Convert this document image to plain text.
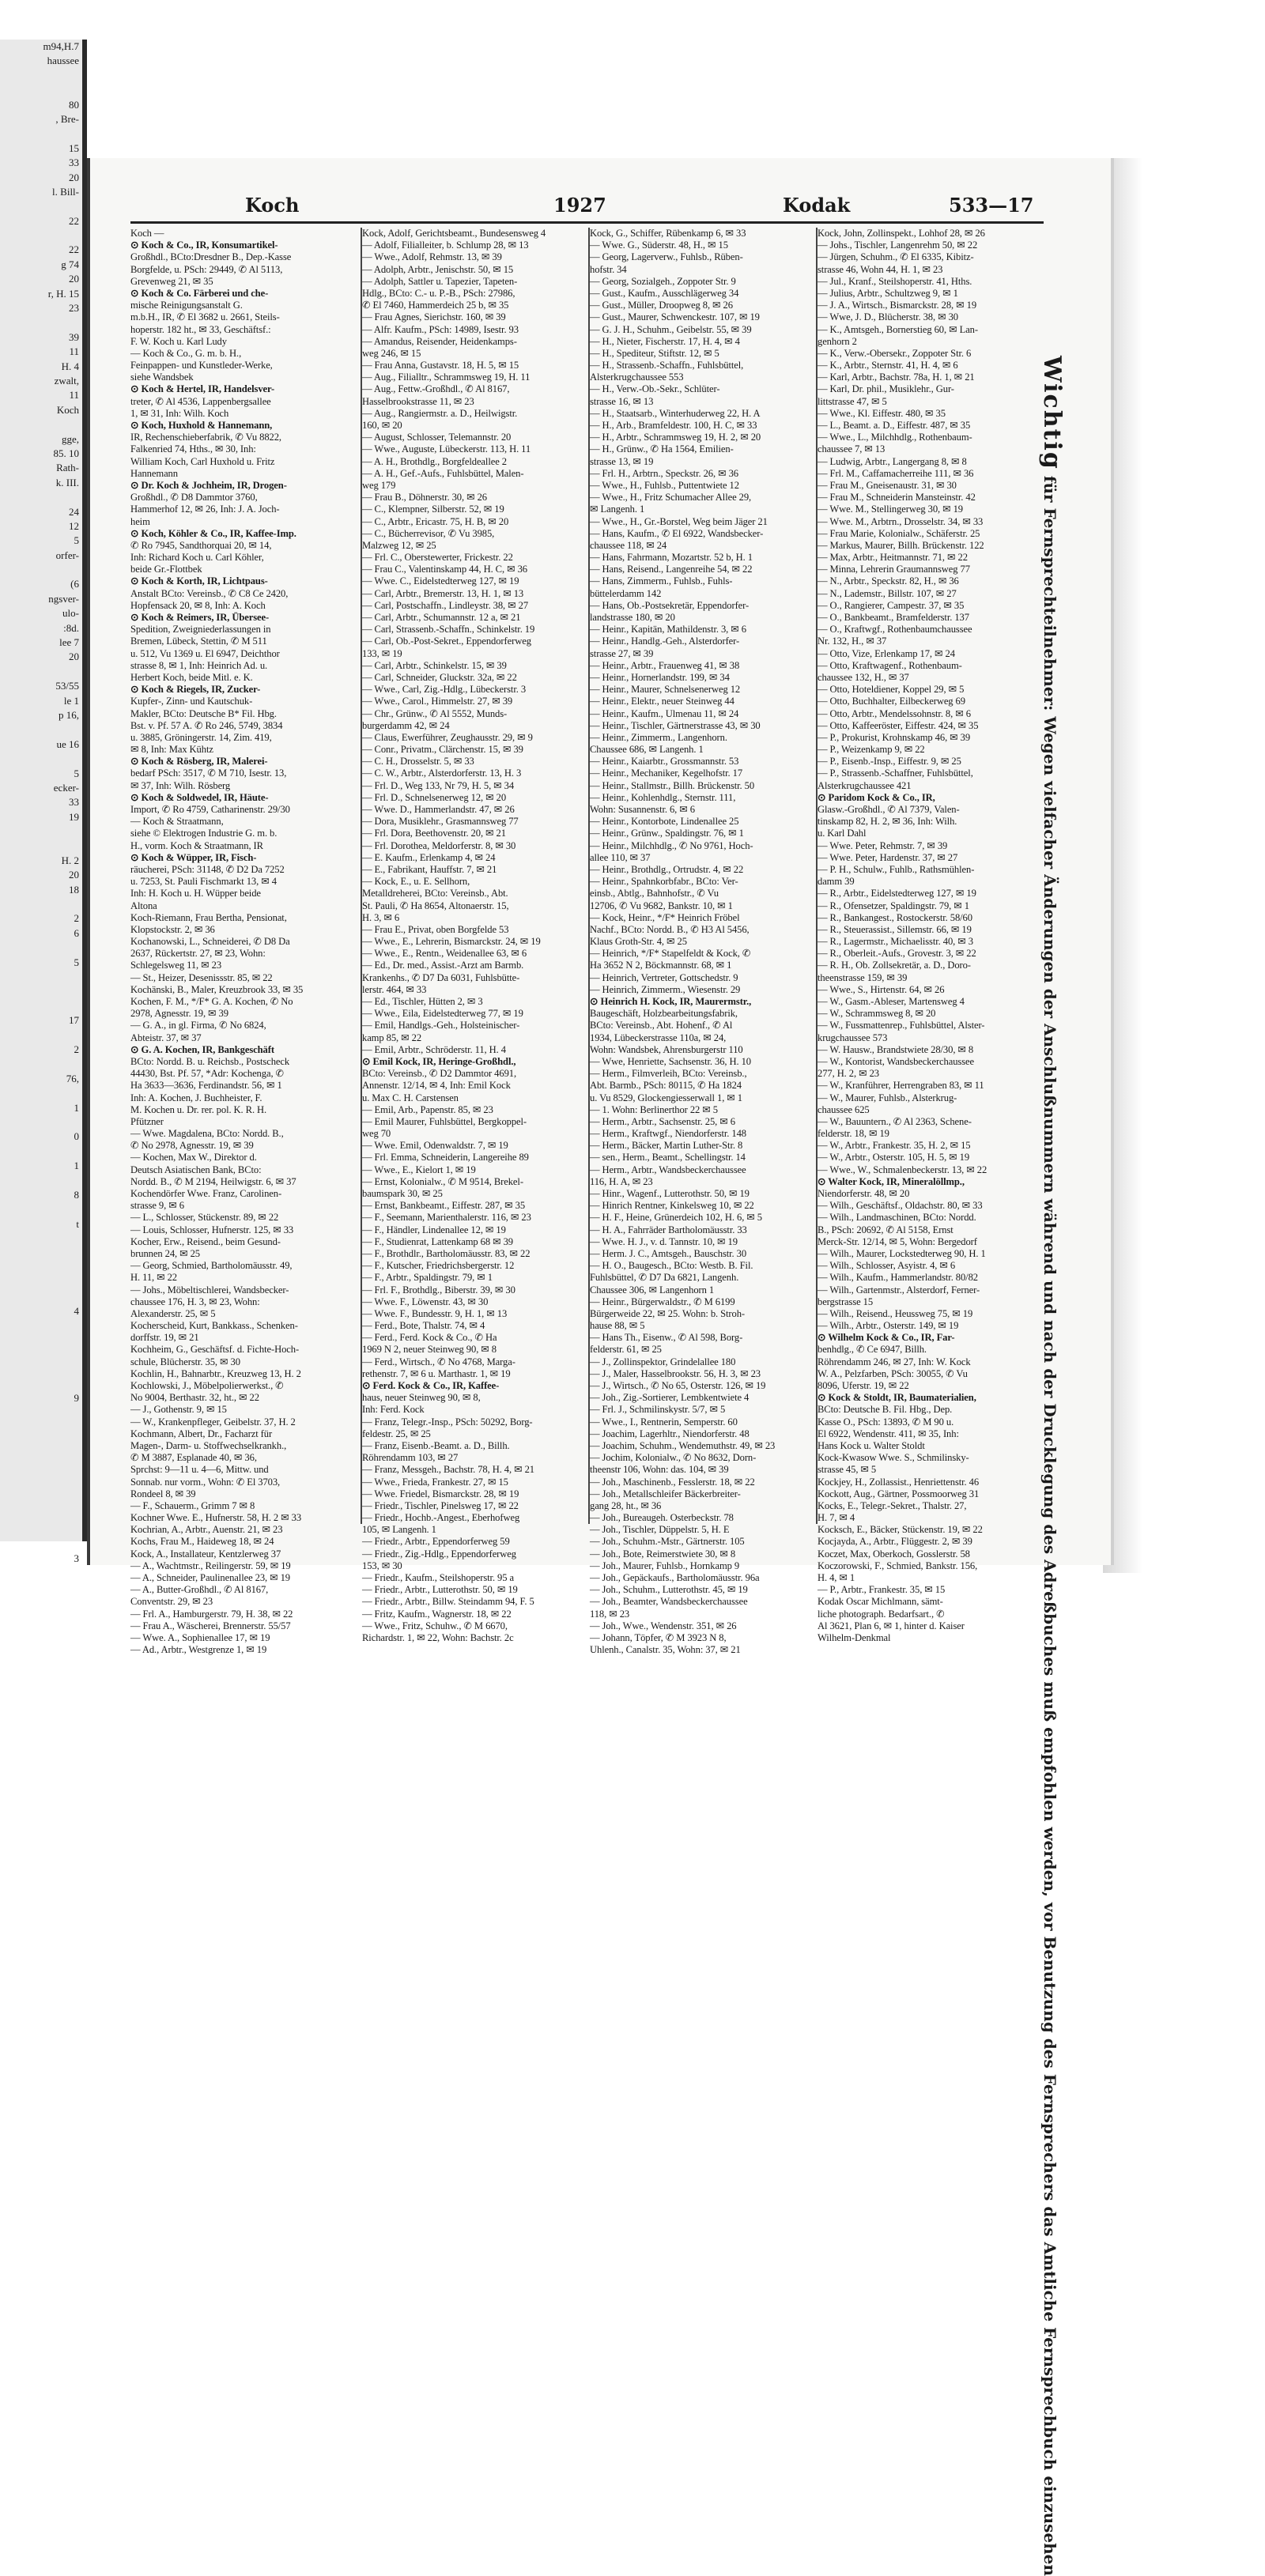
m94,H.7
haussee
80
, Bre-
15
33
20
l. Bill-
22
22
g 74
20
r, H. 15
23
39
11
H. 4
zwalt,
11
Koch
gge,
85. 10
Rath-
k. III.
24
12
5
orfer-
(6
ngsver-
ulo-
:8d.
lee 7
20
53/55
le 1
p 16,
ue 16
5
ecker-
33
19
H. 2
20
18
2
6
5
17
2
76,
1
0
1
8
t
4
9
3
Koch	1927	Kodak	533—17
Koch —
⊙ Koch & Co., IR, Konsumartikel-
Großhdl., BCto:Dresdner B., Dep.-Kasse
Borgfelde, u. PSch: 29449, ✆ Al 5113,
Grevenweg 21, ✉ 35
⊙ Koch & Co. Färberei und che-
mische Reinigungsanstalt G.
m.b.H., IR, ✆ El 3682 u. 2661, Steils-
hoperstr. 182 ht., ✉ 33, Geschäftsf.:
F. W. Koch u. Karl Ludy
— Koch & Co., G. m. b. H.,
Feinpappen- und Kunstleder-Werke,
siehe Wandsbek
⊙ Koch & Hertel, IR, Handelsver-
treter, ✆ Al 4536, Lappenbergsallee
1, ✉ 31, Inh: Wilh. Koch
⊙ Koch, Huxhold & Hannemann,
IR, Rechenschieberfabrik, ✆ Vu 8822,
Falkenried 74, Hths., ✉ 30, Inh:
William Koch, Carl Huxhold u. Fritz
Hannemann
⊙ Dr. Koch & Jochheim, IR, Drogen-
Großhdl., ✆ D8 Dammtor 3760,
Hammerhof 12, ✉ 26, Inh: J. A. Joch-
heim
⊙ Koch, Köhler & Co., IR, Kaffee-Imp.
✆ Ro 7945, Sandthorquai 20, ✉ 14,
Inh: Richard Koch u. Carl Köhler,
beide Gr.-Flottbek
⊙ Koch & Korth, IR, Lichtpaus-
Anstalt BCto: Vereinsb., ✆ C8 Ce 2420,
Hopfensack 20, ✉ 8, Inh: A. Koch
⊙ Koch & Reimers, IR, Übersee-
Spedition, Zweigniederlassungen in
Bremen, Lübeck, Stettin, ✆ M 511
u. 512, Vu 1369 u. El 6947, Deichthor
strasse 8, ✉ 1, Inh: Heinrich Ad. u.
Herbert Koch, beide Mitl. e. K.
⊙ Koch & Riegels, IR, Zucker-
Kupfer-, Zinn- und Kautschuk-
Makler, BCto: Deutsche B* Fil. Hbg.
Bst. v. Pf. 57 A. ✆ Ro 246, 5749, 3834
u. 3885, Gröningerstr. 14, Zim. 419,
✉ 8, Inh: Max Kühtz
⊙ Koch & Rösberg, IR, Malerei-
bedarf PSch: 3517, ✆ M 710, Isestr. 13,
✉ 37, Inh: Wilh. Rösberg
⊙ Koch & Soldwedel, IR, Häute-
Import, ✆ Ro 4759, Catharinenstr. 29/30
— Koch & Straatmann,
siehe © Elektrogen Industrie G. m. b.
H., vorm. Koch & Straatmann, IR
⊙ Koch & Wüpper, IR, Fisch-
räucherei, PSch: 31148, ✆ D2 Da 7252
u. 7253, St. Pauli Fischmarkt 13, ✉ 4
Inh: H. Koch u. H. Wüpper beide
Altona
Koch-Riemann, Frau Bertha, Pensionat,
Klopstockstr. 2, ✉ 36
Kochanowski, L., Schneiderei, ✆ D8 Da
2637, Rückertstr. 27, ✉ 23, Wohn:
Schlegelsweg 11, ✉ 23
— St., Heizer, Desenissstr. 85, ✉ 22
Kochänski, B., Maler, Kreuzbrook 33, ✉ 35
Kochen, F. M., */F* G. A. Kochen, ✆ No
2978, Agnesstr. 19, ✉ 39
— G. A., in gl. Firma, ✆ No 6824,
Abteistr. 37, ✉ 37
⊙ G. A. Kochen, IR, Bankgeschäft
BCto: Nordd. B. u. Reichsb., Postscheck
44430, Bst. Pf. 57, *Adr: Kochenga, ✆
Ha 3633—3636, Ferdinandstr. 56, ✉ 1
Inh: A. Kochen, J. Buchheister, F.
M. Kochen u. Dr. rer. pol. K. R. H.
Pfützner
— Wwe. Magdalena, BCto: Nordd. B.,
✆ No 2978, Agnesstr. 19, ✉ 39
— Kochen, Max W., Direktor d.
Deutsch Asiatischen Bank, BCto:
Nordd. B., ✆ M 2194, Heilwigstr. 6, ✉ 37
Kochendörfer Wwe. Franz, Carolinen-
strasse 9, ✉ 6
— L., Schlosser, Stückenstr. 89, ✉ 22
— Louis, Schlosser, Hufnerstr. 125, ✉ 33
Kocher, Erw., Reisend., beim Gesund-
brunnen 24, ✉ 25
— Georg, Schmied, Bartholomäusstr. 49,
H. 11, ✉ 22
— Johs., Möbeltischlerei, Wandsbecker-
chaussee 176, H. 3, ✉ 23, Wohn:
Alexanderstr. 25, ✉ 5
Kocherscheid, Kurt, Bankkass., Schenken-
dorffstr. 19, ✉ 21
Kochheim, G., Geschäftsf. d. Fichte-Hoch-
schule, Blücherstr. 35, ✉ 30
Kochlin, H., Bahnarbtr., Kreuzweg 13, H. 2
Kochlowski, J., Möbelpolierwerkst., ✆
No 9004, Berthastr. 32, ht., ✉ 22
— J., Gothenstr. 9, ✉ 15
— W., Krankenpfleger, Geibelstr. 37, H. 2
Kochmann, Albert, Dr., Facharzt für
Magen-, Darm- u. Stoffwechselkrankh.,
✆ M 3887, Esplanade 40, ✉ 36,
Sprchst: 9—11 u. 4—6, Mittw. und
Sonnab. nur vorm., Wohn: ✆ El 3703,
Rondeel 8, ✉ 39
— F., Schauerm., Grimm 7 ✉ 8
Kochner Wwe. E., Hufnerstr. 58, H. 2 ✉ 33
Kochrian, A., Arbtr., Auenstr. 21, ✉ 23
Kochs, Frau M., Haideweg 18, ✉ 24
Kock, A., Installateur, Kentzlerweg 37
— A., Wachtmstr., Reilingerstr. 59, ✉ 19
— A., Schneider, Paulinenallee 23, ✉ 19
— A., Butter-Großhdl., ✆ Al 8167,
Conventstr. 29, ✉ 23
— Frl. A., Hamburgerstr. 79, H. 38, ✉ 22
— Frau A., Wäscherei, Brennerstr. 55/57
— Wwe. A., Sophienallee 17, ✉ 19
— Ad., Arbtr., Westgrenze 1, ✉ 19
Kock, Adolf, Gerichtsbeamt., Bundesensweg 4
— Adolf, Filialleiter, b. Schlump 28, ✉ 13
— Wwe., Adolf, Rehmstr. 13, ✉ 39
— Adolph, Arbtr., Jenischstr. 50, ✉ 15
— Adolph, Sattler u. Tapezier, Tapeten-
Hdlg., BCto: C.- u. P.-B., PSch: 27986,
✆ El 7460, Hammerdeich 25 b, ✉ 35
— Frau Agnes, Sierichstr. 160, ✉ 39
— Alfr. Kaufm., PSch: 14989, Isestr. 93
— Amandus, Reisender, Heidenkamps-
weg 246, ✉ 15
— Frau Anna, Gustavstr. 18, H. 5, ✉ 15
— Aug., Filialltr., Schrammsweg 19, H. 11
— Aug., Fettw.-Großhdl., ✆ Al 8167,
Hasselbrookstrasse 11, ✉ 23
— Aug., Rangiermstr. a. D., Heilwigstr.
160, ✉ 20
— August, Schlosser, Telemannstr. 20
— Wwe., Auguste, Lübeckerstr. 113, H. 11
— A. H., Brothdlg., Borgfeldeallee 2
— A. H., Gef.-Aufs., Fuhlsbüttel, Malen-
weg 179
— Frau B., Döhnerstr. 30, ✉ 26
— C., Klempner, Silberstr. 52, ✉ 19
— C., Arbtr., Ericastr. 75, H. B, ✉ 20
— C., Bücherrevisor, ✆ Vu 3985,
Malzweg 12, ✉ 25
— Frl. C., Oberstewerter, Frickestr. 22
— Frau C., Valentinskamp 44, H. C, ✉ 36
— Wwe. C., Eidelstedterweg 127, ✉ 19
— Carl, Arbtr., Bremerstr. 13, H. 1, ✉ 13
— Carl, Postschaffn., Lindleystr. 38, ✉ 27
— Carl, Arbtr., Schumannstr. 12 a, ✉ 21
— Carl, Strassenb.-Schaffn., Schinkelstr. 19
— Carl, Ob.-Post-Sekret., Eppendorferweg
133, ✉ 19
— Carl, Arbtr., Schinkelstr. 15, ✉ 39
— Carl, Schneider, Gluckstr. 32a, ✉ 22
— Wwe., Carl, Zig.-Hdlg., Lübeckerstr. 3
— Wwe., Carol., Himmelstr. 27, ✉ 39
— Chr., Grünw., ✆ Al 5552, Munds-
burgerdamm 42, ✉ 24
— Claus, Ewerführer, Zeughausstr. 29, ✉ 9
— Conr., Privatm., Clärchenstr. 15, ✉ 39
— C. H., Drosselstr. 5, ✉ 33
— C. W., Arbtr., Alsterdorferstr. 13, H. 3
— Frl. D., Weg 133, Nr 79, H. 5, ✉ 34
— Frl. D., Schnelsenerweg 12, ✉ 20
— Wwe. D., Hammerlandstr. 47, ✉ 26
— Dora, Musiklehr., Grasmannsweg 77
— Frl. Dora, Beethovenstr. 20, ✉ 21
— Frl. Dorothea, Meldorferstr. 8, ✉ 30
— E. Kaufm., Erlenkamp 4, ✉ 24
— E., Fabrikant, Hauffstr. 7, ✉ 21
— Kock, E., u. E. Sellhorn,
Metalldreherei, BCto: Vereinsb., Abt.
St. Pauli, ✆ Ha 8654, Altonaerstr. 15,
H. 3, ✉ 6
— Frau E., Privat, oben Borgfelde 53
— Wwe., E., Lehrerin, Bismarckstr. 24, ✉ 19
— Wwe., E., Rentn., Weidenallee 63, ✉ 6
— Ed., Dr. med., Assist.-Arzt am Barmb.
Krankenhs., ✆ D7 Da 6031, Fuhlsbütte-
lerstr. 464, ✉ 33
— Ed., Tischler, Hütten 2, ✉ 3
— Wwe., Eila, Eidelstedterweg 77, ✉ 19
— Emil, Handlgs.-Geh., Holsteinischer-
kamp 85, ✉ 22
— Emil, Arbtr., Schröderstr. 11, H. 4
⊙ Emil Kock, IR, Heringe-Großhdl.,
BCto: Vereinsb., ✆ D2 Dammtor 4691,
Annenstr. 12/14, ✉ 4, Inh: Emil Kock
u. Max C. H. Carstensen
— Emil, Arb., Papenstr. 85, ✉ 23
— Emil Maurer, Fuhlsbüttel, Bergkoppel-
weg 70
— Wwe. Emil, Odenwaldstr. 7, ✉ 19
— Frl. Emma, Schneiderin, Langereihe 89
— Wwe., E., Kielort 1, ✉ 19
— Ernst, Kolonialw., ✆ M 9514, Brekel-
baumspark 30, ✉ 25
— Ernst, Bankbeamt., Eiffestr. 287, ✉ 35
— F., Seemann, Marienthalerstr. 116, ✉ 23
— F., Händler, Lindenallee 12, ✉ 19
— F., Studienrat, Lattenkamp 68 ✉ 39
— F., Brothdlr., Bartholomäusstr. 83, ✉ 22
— F., Kutscher, Friedrichsbergerstr. 12
— F., Arbtr., Spaldingstr. 79, ✉ 1
— Frl. F., Brothdlg., Biberstr. 39, ✉ 30
— Wwe. F., Löwenstr. 43, ✉ 30
— Wwe. F., Bundesstr. 9, H. 1, ✉ 13
— Ferd., Bote, Thalstr. 74, ✉ 4
— Ferd., Ferd. Kock & Co., ✆ Ha
1969 N 2, neuer Steinweg 90, ✉ 8
— Ferd., Wirtsch., ✆ No 4768, Marga-
rethenstr. 7, ✉ 6 u. Marthastr. 1, ✉ 19
⊙ Ferd. Kock & Co., IR, Kaffee-
haus, neuer Steinweg 90, ✉ 8,
Inh: Ferd. Kock
— Franz, Telegr.-Insp., PSch: 50292, Borg-
feldestr. 25, ✉ 25
— Franz, Eisenb.-Beamt. a. D., Billh.
Röhrendamm 103, ✉ 27
— Franz, Messgeh., Bachstr. 78, H. 4, ✉ 21
— Wwe., Frieda, Frankestr. 27, ✉ 15
— Wwe. Friedel, Bismarckstr. 28, ✉ 19
— Friedr., Tischler, Pinelsweg 17, ✉ 22
— Friedr., Hochb.-Angest., Eberhofweg
105, ✉ Langenh. 1
— Friedr., Arbtr., Eppendorferweg 59
— Friedr., Zig.-Hdlg., Eppendorferweg
153, ✉ 30
— Friedr., Kaufm., Steilshoperstr. 95 a
— Friedr., Arbtr., Lutterothstr. 50, ✉ 19
— Friedr., Arbtr., Billw. Steindamm 94, F. 5
— Fritz, Kaufm., Wagnerstr. 18, ✉ 22
— Wwe., Fritz, Schuhw., ✆ M 6670,
Richardstr. 1, ✉ 22, Wohn: Bachstr. 2c
Kock, G., Schiffer, Rübenkamp 6, ✉ 33
— Wwe. G., Süderstr. 48, H., ✉ 15
— Georg, Lagerverw., Fuhlsb., Rüben-
hofstr. 34
— Georg, Sozialgeh., Zoppoter Str. 9
— Gust., Kaufm., Ausschlägerweg 34
— Gust., Müller, Droopweg 8, ✉ 26
— Gust., Maurer, Schwenckestr. 107, ✉ 19
— G. J. H., Schuhm., Geibelstr. 55, ✉ 39
— H., Nieter, Fischerstr. 17, H. 4, ✉ 4
— H., Spediteur, Stiftstr. 12, ✉ 5
— H., Strassenb.-Schaffn., Fuhlsbüttel,
Alsterkrugchaussee 553
— H., Verw.-Ob.-Sekr., Schlüter-
strasse 16, ✉ 13
— H., Staatsarb., Winterhuderweg 22, H. A
— H., Arb., Bramfeldestr. 100, H. C, ✉ 33
— H., Arbtr., Schrammsweg 19, H. 2, ✉ 20
— H., Grünw., ✆ Ha 1564, Emilien-
strasse 13, ✉ 19
— Frl. H., Arbtrn., Speckstr. 26, ✉ 36
— Wwe., H., Fuhlsb., Puttentwiete 12
— Wwe., H., Fritz Schumacher Allee 29,
✉ Langenh. 1
— Wwe., H., Gr.-Borstel, Weg beim Jäger 21
— Hans, Kaufm., ✆ El 6922, Wandsbecker-
chaussee 118, ✉ 24
— Hans, Fahrmann, Mozartstr. 52 b, H. 1
— Hans, Reisend., Langenreihe 54, ✉ 22
— Hans, Zimmerm., Fuhlsb., Fuhls-
büttelerdamm 142
— Hans, Ob.-Postsekretär, Eppendorfer-
landstrasse 180, ✉ 20
— Heinr., Kapitän, Mathildenstr. 3, ✉ 6
— Heinr., Handlg.-Geh., Alsterdorfer-
strasse 27, ✉ 39
— Heinr., Arbtr., Frauenweg 41, ✉ 38
— Heinr., Hornerlandstr. 199, ✉ 34
— Heinr., Maurer, Schnelsenerweg 12
— Heinr., Elektr., neuer Steinweg 44
— Heinr., Kaufm., Ulmenau 11, ✉ 24
— Heinr., Tischler, Gärtnerstrasse 43, ✉ 30
— Heinr., Zimmerm., Langenhorn.
Chaussee 686, ✉ Langenh. 1
— Heinr., Kaiarbtr., Grossmannstr. 53
— Heinr., Mechaniker, Kegelhofstr. 17
— Heinr., Stallmstr., Billh. Brückenstr. 50
— Heinr., Kohlenhdlg., Sternstr. 111,
Wohn: Susannenstr. 6, ✉ 6
— Heinr., Kontorbote, Lindenallee 25
— Heinr., Grünw., Spaldingstr. 76, ✉ 1
— Heinr., Milchhdlg., ✆ No 9761, Hoch-
allee 110, ✉ 37
— Heinr., Brothdlg., Ortrudstr. 4, ✉ 22
— Heinr., Spahnkorbfabr., BCto: Ver-
einsb., Abtlg., Bahnhofstr., ✆ Vu
12706, ✆ Vu 9682, Bankstr. 10, ✉ 1
— Kock, Heinr., */F* Heinrich Fröbel
Nachf., BCto: Nordd. B., ✆ H3 Al 5456,
Klaus Groth-Str. 4, ✉ 25
— Heinrich, */F* Stapelfeldt & Kock, ✆
Ha 3652 N 2, Böckmannstr. 68, ✉ 1
— Heinrich, Vertreter, Gottschedstr. 9
— Heinrich, Zimmerm., Wiesenstr. 29
⊙ Heinrich H. Kock, IR, Maurermstr.,
Baugeschäft, Holzbearbeitungsfabrik,
BCto: Vereinsb., Abt. Hohenf., ✆ Al
1934, Lübeckerstrasse 110a, ✉ 24,
Wohn: Wandsbek, Ahrensburgerstr 110
— Wwe, Henriette, Sachsenstr. 36, H. 10
— Herm., Filmverleih, BCto: Vereinsb.,
Abt. Barmb., PSch: 80115, ✆ Ha 1824
u. Vu 8529, Glockengiesserwall 1, ✉ 1
— 1. Wohn: Berlinerthor 22 ✉ 5
— Herm., Arbtr., Sachsenstr. 25, ✉ 6
— Herm., Kraftwgf., Niendorferstr. 148
— Herm., Bäcker, Martin Luther-Str. 8
— sen., Herm., Beamt., Schellingstr. 14
— Herm., Arbtr., Wandsbeckerchaussee
116, H. A, ✉ 23
— Hinr., Wagenf., Lutterothstr. 50, ✉ 19
— Hinrich Rentner, Kinkelsweg 10, ✉ 22
— H. F., Heine, Grünerdeich 102, H. 6, ✉ 5
— H. A., Fahrräder Bartholomäusstr. 33
— Wwe. H. J., v. d. Tannstr. 10, ✉ 19
— Herm. J. C., Amtsgeh., Bauschstr. 30
— H. O., Baugesch., BCto: Westb. B. Fil.
Fuhlsbüttel, ✆ D7 Da 6821, Langenh.
Chaussee 306, ✉ Langenhorn 1
— Heinr., Bürgerwaldstr., ✆ M 6199
Bürgerweide 22, ✉ 25. Wohn: b. Stroh-
hause 88, ✉ 5
— Hans Th., Eisenw., ✆ Al 598, Borg-
felderstr. 61, ✉ 25
— J., Zollinspektor, Grindelallee 180
— J., Maler, Hasselbrookstr. 56, H. 3, ✉ 23
— J., Wirtsch., ✆ No 65, Osterstr. 126, ✉ 19
— Joh., Zig.-Sortierer, Lembkentwiete 4
— Frl. J., Schmilinskystr. 5/7, ✉ 5
— Wwe., I., Rentnerin, Semperstr. 60
— Joachim, Lagerhltr., Niendorferstr. 48
— Joachim, Schuhm., Wendemuthstr. 49, ✉ 23
— Jochim, Kolonialw., ✆ No 8632, Dorn-
theenstr 106, Wohn: das. 104, ✉ 39
— Joh., Maschinenb., Fesslerstr. 18, ✉ 22
— Joh., Metallschleifer Bäckerbreiter-
gang 28, ht., ✉ 36
— Joh., Bureaugeh. Osterbeckstr. 78
— Joh., Tischler, Düppelstr. 5, H. E
— Joh., Schuhm.-Mstr., Gärtnerstr. 105
— Joh., Bote, Reimerstwiete 30, ✉ 8
— Joh., Maurer, Fuhlsb., Hornkamp 9
— Joh., Gepäckaufs., Bartholomäusstr. 96a
— Joh., Schuhm., Lutterothstr. 45, ✉ 19
— Joh., Beamter, Wandsbeckerchaussee
118, ✉ 23
— Joh., Wwe., Wendenstr. 351, ✉ 26
— Johann, Töpfer, ✆ M 3923 N 8,
Uhlenh., Canalstr. 35, Wohn: 37, ✉ 21
Kock, John, Zollinspekt., Lohhof 28, ✉ 26
— Johs., Tischler, Langenrehm 50, ✉ 22
— Jürgen, Schuhm., ✆ El 6335, Kibitz-
strasse 46, Wohn 44, H. 1, ✉ 23
— Jul., Kranf., Steilshoperstr. 41, Hths.
— Julius, Arbtr., Schultzweg 9, ✉ 1
— J. A., Wirtsch., Bismarckstr. 28, ✉ 19
— Wwe, J. D., Blücherstr. 38, ✉ 30
— K., Amtsgeh., Bornerstieg 60, ✉ Lan-
genhorn 2
— K., Verw.-Obersekr., Zoppoter Str. 6
— K., Arbtr., Sternstr. 41, H. 4, ✉ 6
— Karl, Arbtr., Bachstr. 78a, H. 1, ✉ 21
— Karl, Dr. phil., Musiklehr., Gur-
littstrasse 47, ✉ 5
— Wwe., Kl. Eiffestr. 480, ✉ 35
— L., Beamt. a. D., Eiffestr. 487, ✉ 35
— Wwe., L., Milchhdlg., Rothenbaum-
chaussee 7, ✉ 13
— Ludwig, Arbtr., Langergang 8, ✉ 8
— Frl. M., Caffamacherreihe 111, ✉ 36
— Frau M., Gneisenaustr. 31, ✉ 30
— Frau M., Schneiderin Mansteinstr. 42
— Wwe. M., Stellingerweg 30, ✉ 19
— Wwe. M., Arbtrn., Drosselstr. 34, ✉ 33
— Frau Marie, Kolonialw., Schäferstr. 25
— Markus, Maurer, Billh. Brückenstr. 122
— Max, Arbtr., Heitmannstr. 71, ✉ 22
— Minna, Lehrerin Graumannsweg 77
— N., Arbtr., Speckstr. 82, H., ✉ 36
— N., Lademstr., Billstr. 107, ✉ 27
— O., Rangierer, Campestr. 37, ✉ 35
— O., Bankbeamt., Bramfelderstr. 137
— O., Kraftwgf., Rothenbaumchaussee
Nr. 132, H., ✉ 37
— Otto, Vize, Erlenkamp 17, ✉ 24
— Otto, Kraftwagenf., Rothenbaum-
chaussee 132, H., ✉ 37
— Otto, Hoteldiener, Koppel 29, ✉ 5
— Otto, Buchhalter, Eilbeckerweg 69
— Otto, Arbtr., Mendelssohnstr. 8, ✉ 6
— Otto, Kaffeeröster, Eiffestr. 424, ✉ 35
— P., Prokurist, Krohnskamp 46, ✉ 39
— P., Weizenkamp 9, ✉ 22
— P., Eisenb.-Insp., Eiffestr. 9, ✉ 25
— P., Strassenb.-Schaffner, Fuhlsbüttel,
Alsterkrugchaussee 421
⊙ Paridom Kock & Co., IR,
Glasw.-Großhdl., ✆ Al 7379, Valen-
tinskamp 82, H. 2, ✉ 36, Inh: Wilh.
u. Karl Dahl
— Wwe. Peter, Rehmstr. 7, ✉ 39
— Wwe. Peter, Hardenstr. 37, ✉ 27
— P. H., Schulw., Fuhlb., Rathsmühlen-
damm 39
— R., Arbtr., Eidelstedterweg 127, ✉ 19
— R., Ofensetzer, Spaldingstr. 79, ✉ 1
— R., Bankangest., Rostockerstr. 58/60
— R., Steuerassist., Sillemstr. 66, ✉ 19
— R., Lagermstr., Michaelisstr. 40, ✉ 3
— R., Oberleit.-Aufs., Grovestr. 3, ✉ 22
— R. H., Ob. Zollsekretär, a. D., Doro-
theenstrasse 159, ✉ 39
— Wwe., S., Hirtenstr. 64, ✉ 26
— W., Gasm.-Ableser, Martensweg 4
— W., Schrammsweg 8, ✉ 20
— W., Fussmattenrep., Fuhlsbüttel, Alster-
krugchaussee 573
— W. Hausw., Brandstwiete 28/30, ✉ 8
— W., Kontorist, Wandsbeckerchaussee
277, H. 2, ✉ 23
— W., Kranführer, Herrengraben 83, ✉ 11
— W., Maurer, Fuhlsb., Alsterkrug-
chaussee 625
— W., Bauuntern., ✆ Al 2363, Schene-
felderstr. 18, ✉ 19
— W., Arbtr., Frankestr. 35, H. 2, ✉ 15
— W., Arbtr., Osterstr. 105, H. 5, ✉ 19
— Wwe., W., Schmalenbeckerstr. 13, ✉ 22
⊙ Walter Kock, IR, Mineralöllmp.,
Niendorferstr. 48, ✉ 20
— Wilh., Geschäftsf., Oldachstr. 80, ✉ 33
— Wilh., Landmaschinen, BCto: Nordd.
B., PSch: 20692, ✆ Al 5158, Ernst
Merck-Str. 12/14, ✉ 5, Wohn: Bergedorf
— Wilh., Maurer, Lockstedterweg 90, H. 1
— Wilh., Schlosser, Asyistr. 4, ✉ 6
— Wilh., Kaufm., Hammerlandstr. 80/82
— Wilh., Gartenmstr., Alsterdorf, Ferner-
bergstrasse 15
— Wilh., Reisend., Heussweg 75, ✉ 19
— Wilh., Arbtr., Osterstr. 149, ✉ 19
⊙ Wilhelm Kock & Co., IR, Far-
benhdlg., ✆ Ce 6947, Billh.
Röhrendamm 246, ✉ 27, Inh: W. Kock
W. A., Pelzfarben, PSch: 30055, ✆ Vu
8096, Uferstr. 19, ✉ 22
⊙ Kock & Stoldt, IR, Baumaterialien,
BCto: Deutsche B. Fil. Hbg., Dep.
Kasse O., PSch: 13893, ✆ M 90 u.
El 6922, Wendenstr. 411, ✉ 35, Inh:
Hans Kock u. Walter Stoldt
Kock-Kwasow Wwe. S., Schmilinsky-
strasse 45, ✉ 5
Kockjey, H., Zollassist., Henriettenstr. 46
Kockott, Aug., Gärtner, Possmoorweg 31
Kocks, E., Telegr.-Sekret., Thalstr. 27,
H. 7, ✉ 4
Kocksch, E., Bäcker, Stückenstr. 19, ✉ 22
Kocjayda, A., Arbtr., Flüggestr. 2, ✉ 39
Koczet, Max, Oberkoch, Gosslerstr. 58
Koczorowski, F., Schmied, Bankstr. 156,
H. 4, ✉ 1
— P., Arbtr., Frankestr. 35, ✉ 15
Kodak Oscar Michlmann, sämt-
liche photograph. Bedarfsart., ✆
Al 3621, Plan 6, ✉ 1, hinter d. Kaiser
Wilhelm-Denkmal
Wichtig für Fernsprechteilnehmer: Wegen vielfacher Änderungen der Anschlußnummern während und nach der Drucklegung des Adreßbuches muß empfohlen werden, vor Benutzung des Fernsprechers das Amtliche Fernsprechbuch einzusehen
